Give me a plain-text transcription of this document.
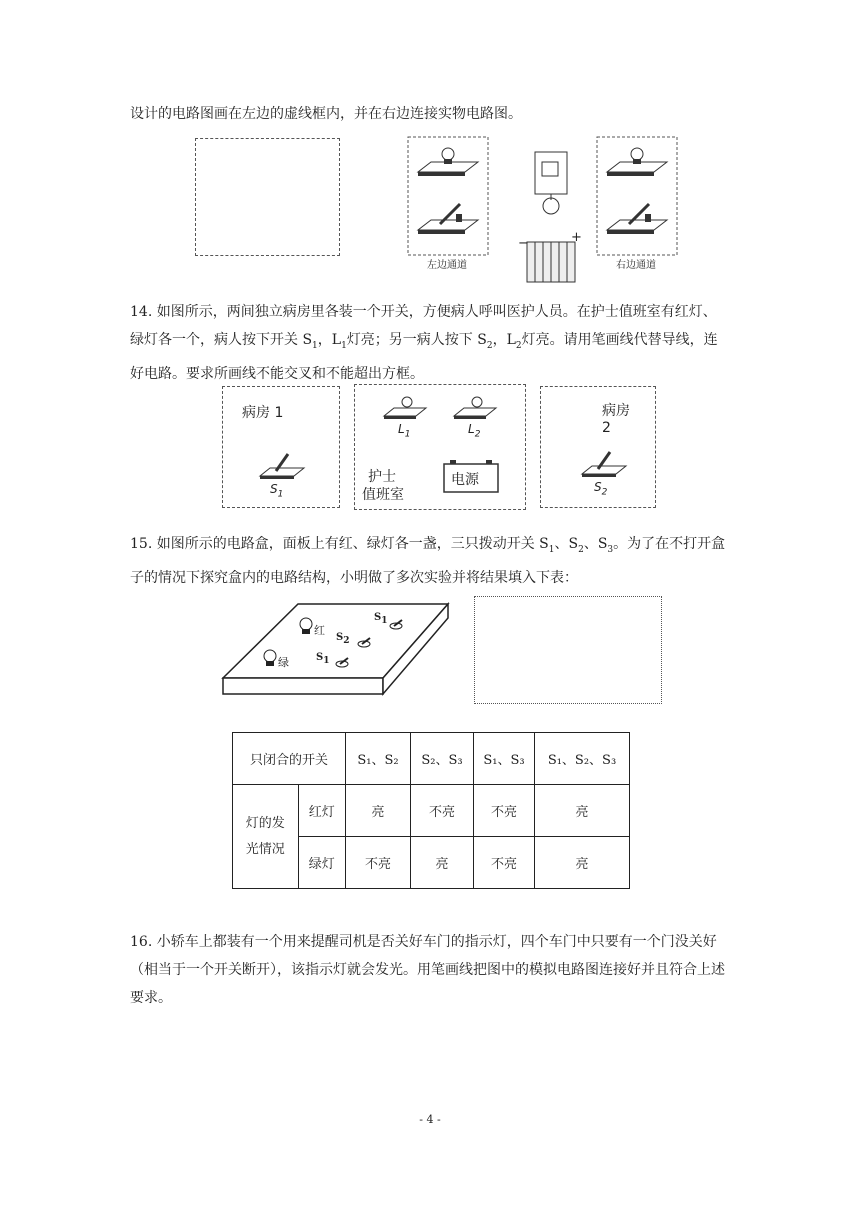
设计的电路图画在左边的虚线框内，并在右边连接实物电路图。

−	+
左边通道	右边通道

14. 如图所示，两间独立病房里各装一个开关，方便病人呼叫医护人员。在护士值班室有红灯、绿灯各一个，病人按下开关 $S_1$，$L_1$灯亮；另一病人按下 $S_2$，$L_2$灯亮。请用笔画线代替导线，连好电路。要求所画线不能交叉和不能超出方框。

病房 1	病房 2
$S_1$
$L_1$	$L_2$
护士
值班室
电源	$S_2$

15. 如图所示的电路盒，面板上有红、绿灯各一盏，三只拨动开关 $S_1$、$S_2$、$S_3$。为了在不打开盒子的情况下探究盒内的电路结构，小明做了多次实验并将结果填入下表：

红
绿
$S_1$
$S_2$
$S_1$
只闭合的开关		S₁、S₂	S₂、S₃	S₁、S₃	S₁、S₂、S₃
灯的发
光情况	红灯	亮	不亮	不亮	亮
	绿灯	不亮	亮	不亮	亮

16. 小轿车上都装有一个用来提醒司机是否关好车门的指示灯，四个车门中只要有一个门没关好（相当于一个开关断开），该指示灯就会发光。用笔画线把图中的模拟电路图连接好并且符合上述要求。

- 4 -
